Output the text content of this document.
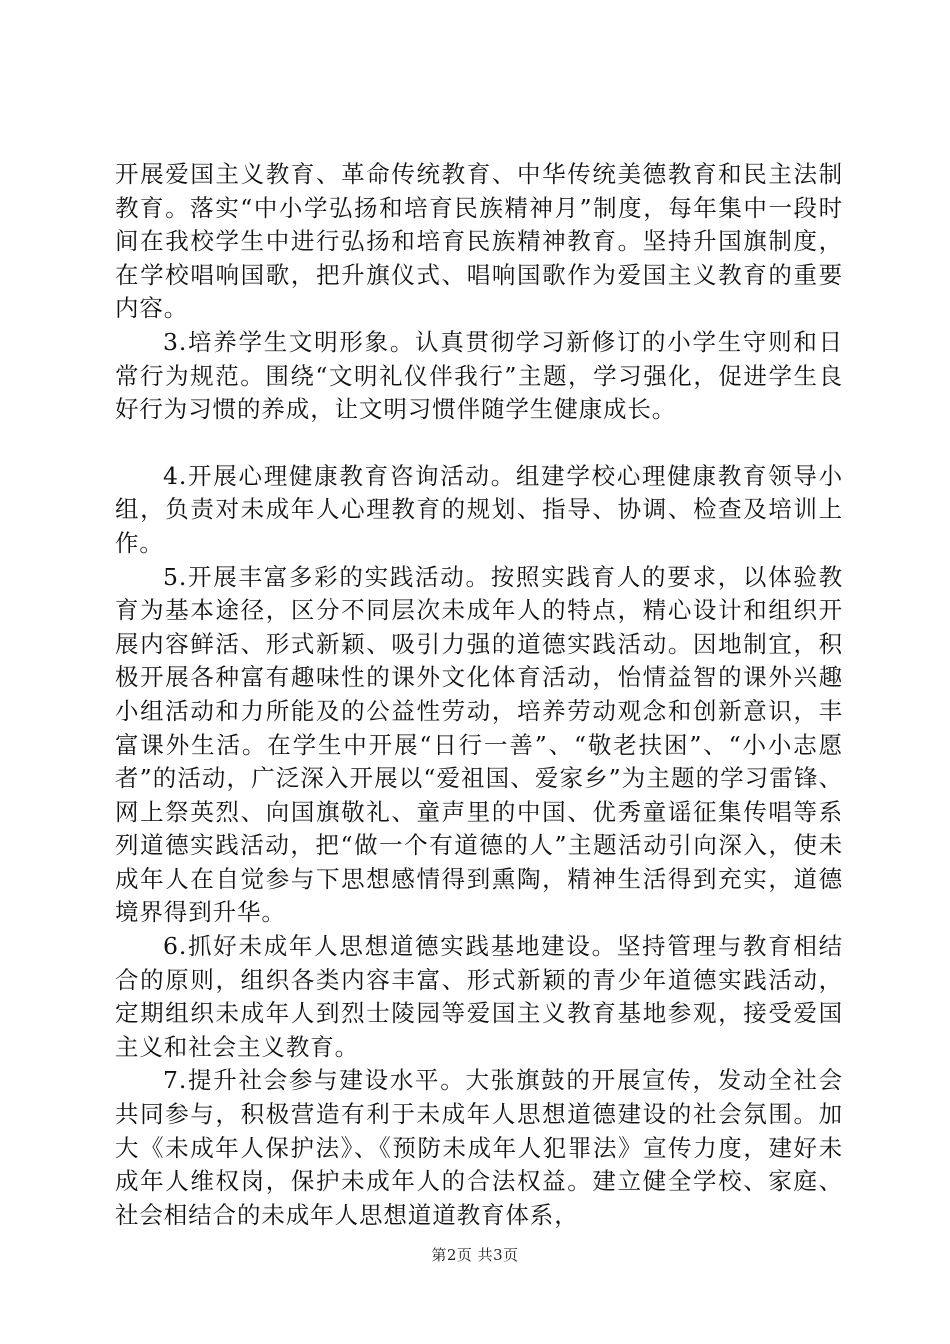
开展爱国主义教育、革命传统教育、中华传统美德教育和民主法制教育。落实“中小学弘扬和培育民族精神月”制度，每年集中一段时间在我校学生中进行弘扬和培育民族精神教育。坚持升国旗制度，在学校唱响国歌，把升旗仪式、唱响国歌作为爱国主义教育的重要内容。

3.培养学生文明形象。认真贯彻学习新修订的小学生守则和日常行为规范。围绕“文明礼仪伴我行”主题，学习强化，促进学生良好行为习惯的养成，让文明习惯伴随学生健康成长。

4.开展心理健康教育咨询活动。组建学校心理健康教育领导小组，负责对未成年人心理教育的规划、指导、协调、检查及培训上作。

5.开展丰富多彩的实践活动。按照实践育人的要求，以体验教育为基本途径，区分不同层次未成年人的特点，精心设计和组织开展内容鲜活、形式新颖、吸引力强的道德实践活动。因地制宜，积极开展各种富有趣味性的课外文化体育活动，怡情益智的课外兴趣小组活动和力所能及的公益性劳动，培养劳动观念和创新意识，丰富课外生活。在学生中开展“日行一善”、“敬老扶困”、“小小志愿者”的活动，广泛深入开展以“爱祖国、爱家乡”为主题的学习雷锋、网上祭英烈、向国旗敬礼、童声里的中国、优秀童谣征集传唱等系列道德实践活动，把“做一个有道德的人”主题活动引向深入，使未成年人在自觉参与下思想感情得到熏陶，精神生活得到充实，道德境界得到升华。

6.抓好未成年人思想道德实践基地建设。坚持管理与教育相结合的原则，组织各类内容丰富、形式新颖的青少年道德实践活动，定期组织未成年人到烈士陵园等爱国主义教育基地参观，接受爱国主义和社会主义教育。

7.提升社会参与建设水平。大张旗鼓的开展宣传，发动全社会共同参与，积极营造有利于未成年人思想道德建设的社会氛围。加大《未成年人保护法》、《预防未成年人犯罪法》宣传力度，建好未成年人维权岗，保护未成年人的合法权益。建立健全学校、家庭、社会相结合的未成年人思想道道教育体系，

第2页 共3页
